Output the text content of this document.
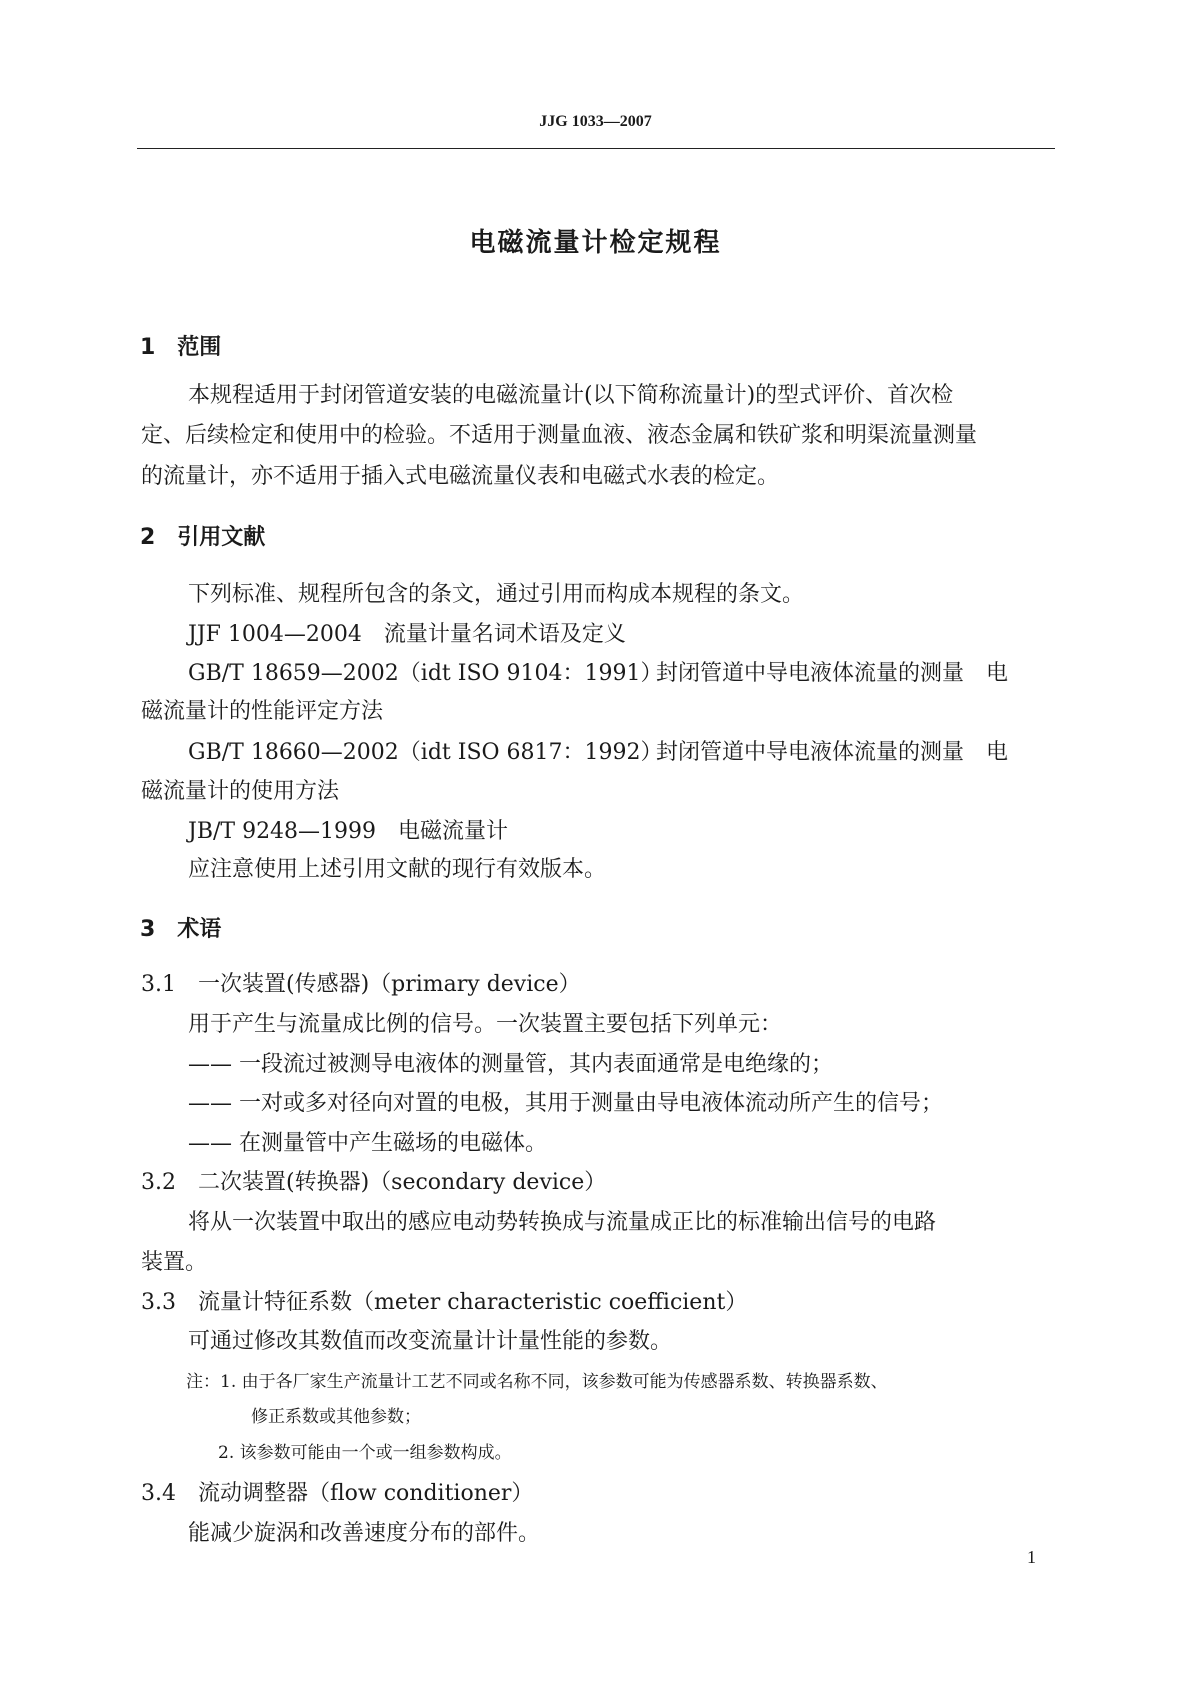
JJG 1033—2007
电磁流量计检定规程
1　范围
本规程适用于封闭管道安装的电磁流量计(以下简称流量计)的型式评价、首次检
定、后续检定和使用中的检验。不适用于测量血液、液态金属和铁矿浆和明渠流量测量
的流量计，亦不适用于插入式电磁流量仪表和电磁式水表的检定。
2　引用文献
下列标准、规程所包含的条文，通过引用而构成本规程的条文。
JJF 1004—2004　流量计量名词术语及定义
GB/T 18659—2002（idt ISO 9104：1991）
封闭管道中导电液体流量的测量　电
磁流量计的性能评定方法
GB/T 18660—2002（idt ISO 6817：1992）
封闭管道中导电液体流量的测量　电
磁流量计的使用方法
JB/T 9248—1999　电磁流量计
应注意使用上述引用文献的现行有效版本。
3　术语
3.1　一次装置(传感器)（primary device）
用于产生与流量成比例的信号。一次装置主要包括下列单元：
—— 一段流过被测导电液体的测量管，其内表面通常是电绝缘的；
—— 一对或多对径向对置的电极，其用于测量由导电液体流动所产生的信号；
—— 在测量管中产生磁场的电磁体。
3.2　二次装置(转换器)（secondary device）
将从一次装置中取出的感应电动势转换成与流量成正比的标准输出信号的电路
装置。
3.3　流量计特征系数（meter characteristic coefficient）
可通过修改其数值而改变流量计计量性能的参数。
注：1. 由于各厂家生产流量计工艺不同或名称不同，该参数可能为传感器系数、转换器系数、
修正系数或其他参数；
2. 该参数可能由一个或一组参数构成。
3.4　流动调整器（flow conditioner）
能减少旋涡和改善速度分布的部件。
1
